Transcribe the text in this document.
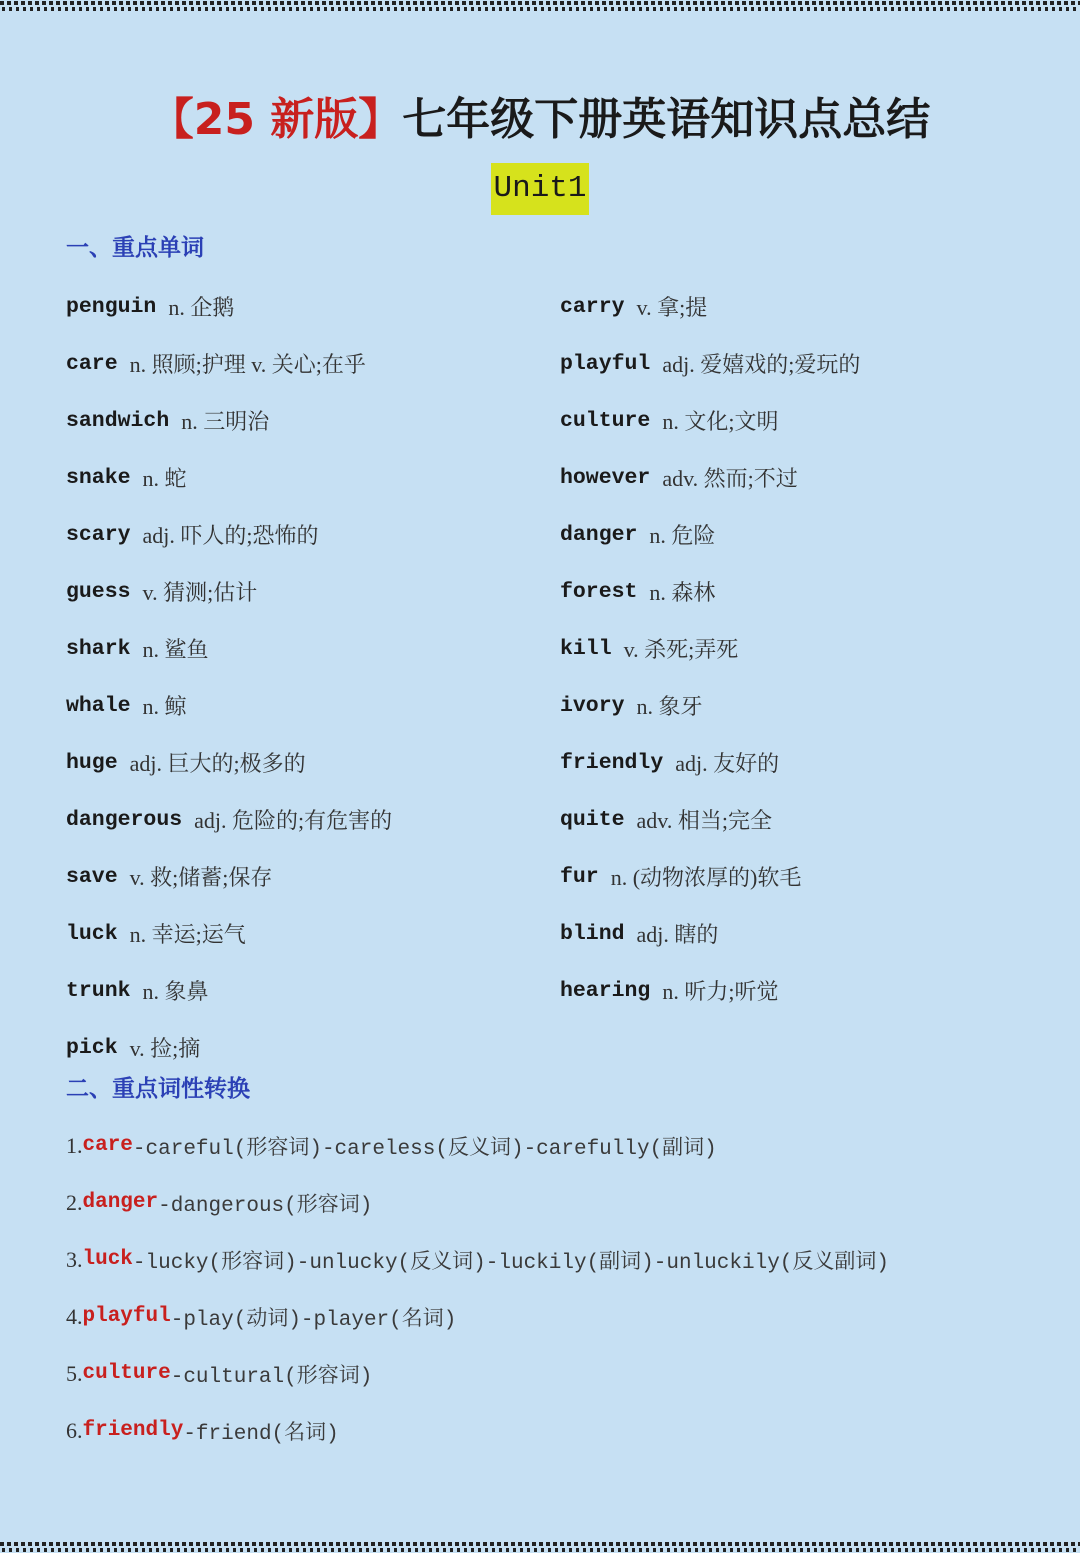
【25 新版】七年级下册英语知识点总结
Unit1
一、重点单词
penguin n. 企鹅
care n. 照顾;护理 v. 关心;在乎
sandwich n. 三明治
snake n. 蛇
scary adj. 吓人的;恐怖的
guess v. 猜测;估计
shark n. 鲨鱼
whale n. 鲸
huge adj. 巨大的;极多的
dangerous adj. 危险的;有危害的
save v. 救;储蓄;保存
luck n. 幸运;运气
trunk n. 象鼻
pick v. 捡;摘
carry v. 拿;提
playful adj. 爱嬉戏的;爱玩的
culture n. 文化;文明
however adv. 然而;不过
danger n. 危险
forest n. 森林
kill v. 杀死;弄死
ivory n. 象牙
friendly adj. 友好的
quite adv. 相当;完全
fur n. (动物浓厚的)软毛
blind adj. 瞎的
hearing n. 听力;听觉
二、重点词性转换
1. care -careful(形容词)-careless(反义词)-carefully(副词)
2. danger -dangerous(形容词)
3. luck -lucky(形容词)-unlucky(反义词)-luckily(副词)-unluckily(反义副词)
4. playful -play(动词)-player(名词)
5. culture -cultural(形容词)
6. friendly -friend(名词)
